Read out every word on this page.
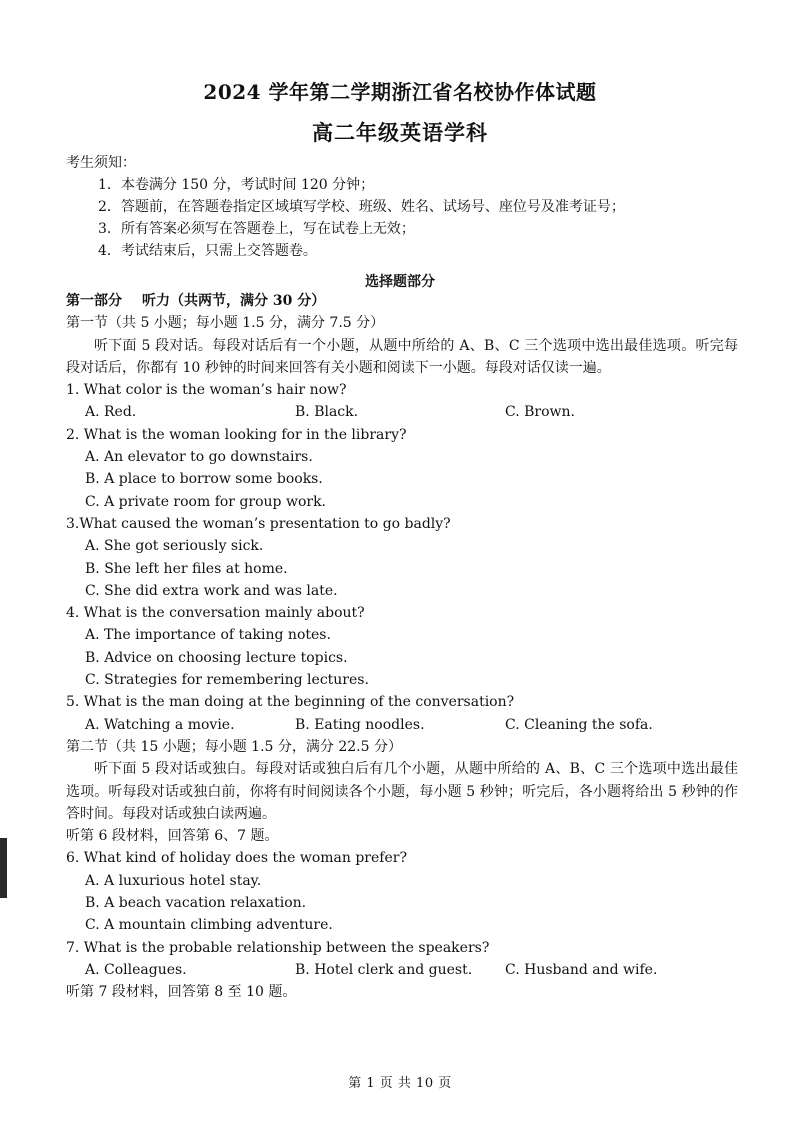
2024 学年第二学期浙江省名校协作体试题
高二年级英语学科
考生须知：
1．本卷满分 150 分，考试时间 120 分钟；
2．答题前，在答题卷指定区域填写学校、班级、姓名、试场号、座位号及准考证号；
3．所有答案必须写在答题卷上，写在试卷上无效；
4．考试结束后，只需上交答题卷。
选择题部分
第一部分 听力（共两节，满分 30 分）
第一节（共 5 小题；每小题 1.5 分，满分 7.5 分）
听下面 5 段对话。每段对话后有一个小题，从题中所给的 A、B、C 三个选项中选出最佳选项。听完每段对话后，你都有 10 秒钟的时间来回答有关小题和阅读下一小题。每段对话仅读一遍。
1. What color is the woman’s hair now?
A. Red.	B. Black.	C. Brown.
2. What is the woman looking for in the library?
A. An elevator to go downstairs.
B. A place to borrow some books.
C. A private room for group work.
3.What caused the woman’s presentation to go badly?
A. She got seriously sick.
B. She left her files at home.
C. She did extra work and was late.
4. What is the conversation mainly about?
A. The importance of taking notes.
B. Advice on choosing lecture topics.
C. Strategies for remembering lectures.
5. What is the man doing at the beginning of the conversation?
A. Watching a movie.	B. Eating noodles.	C. Cleaning the sofa.
第二节（共 15 小题；每小题 1.5 分，满分 22.5 分）
听下面 5 段对话或独白。每段对话或独白后有几个小题，从题中所给的 A、B、C 三个选项中选出最佳选项。听每段对话或独白前，你将有时间阅读各个小题，每小题 5 秒钟；听完后，各小题将给出 5 秒钟的作答时间。每段对话或独白读两遍。
听第 6 段材料，回答第 6、7 题。
6. What kind of holiday does the woman prefer?
A. A luxurious hotel stay.
B. A beach vacation relaxation.
C. A mountain climbing adventure.
7. What is the probable relationship between the speakers?
A. Colleagues.	B. Hotel clerk and guest.	C. Husband and wife.
听第 7 段材料，回答第 8 至 10 题。
第 1 页 共 10 页
